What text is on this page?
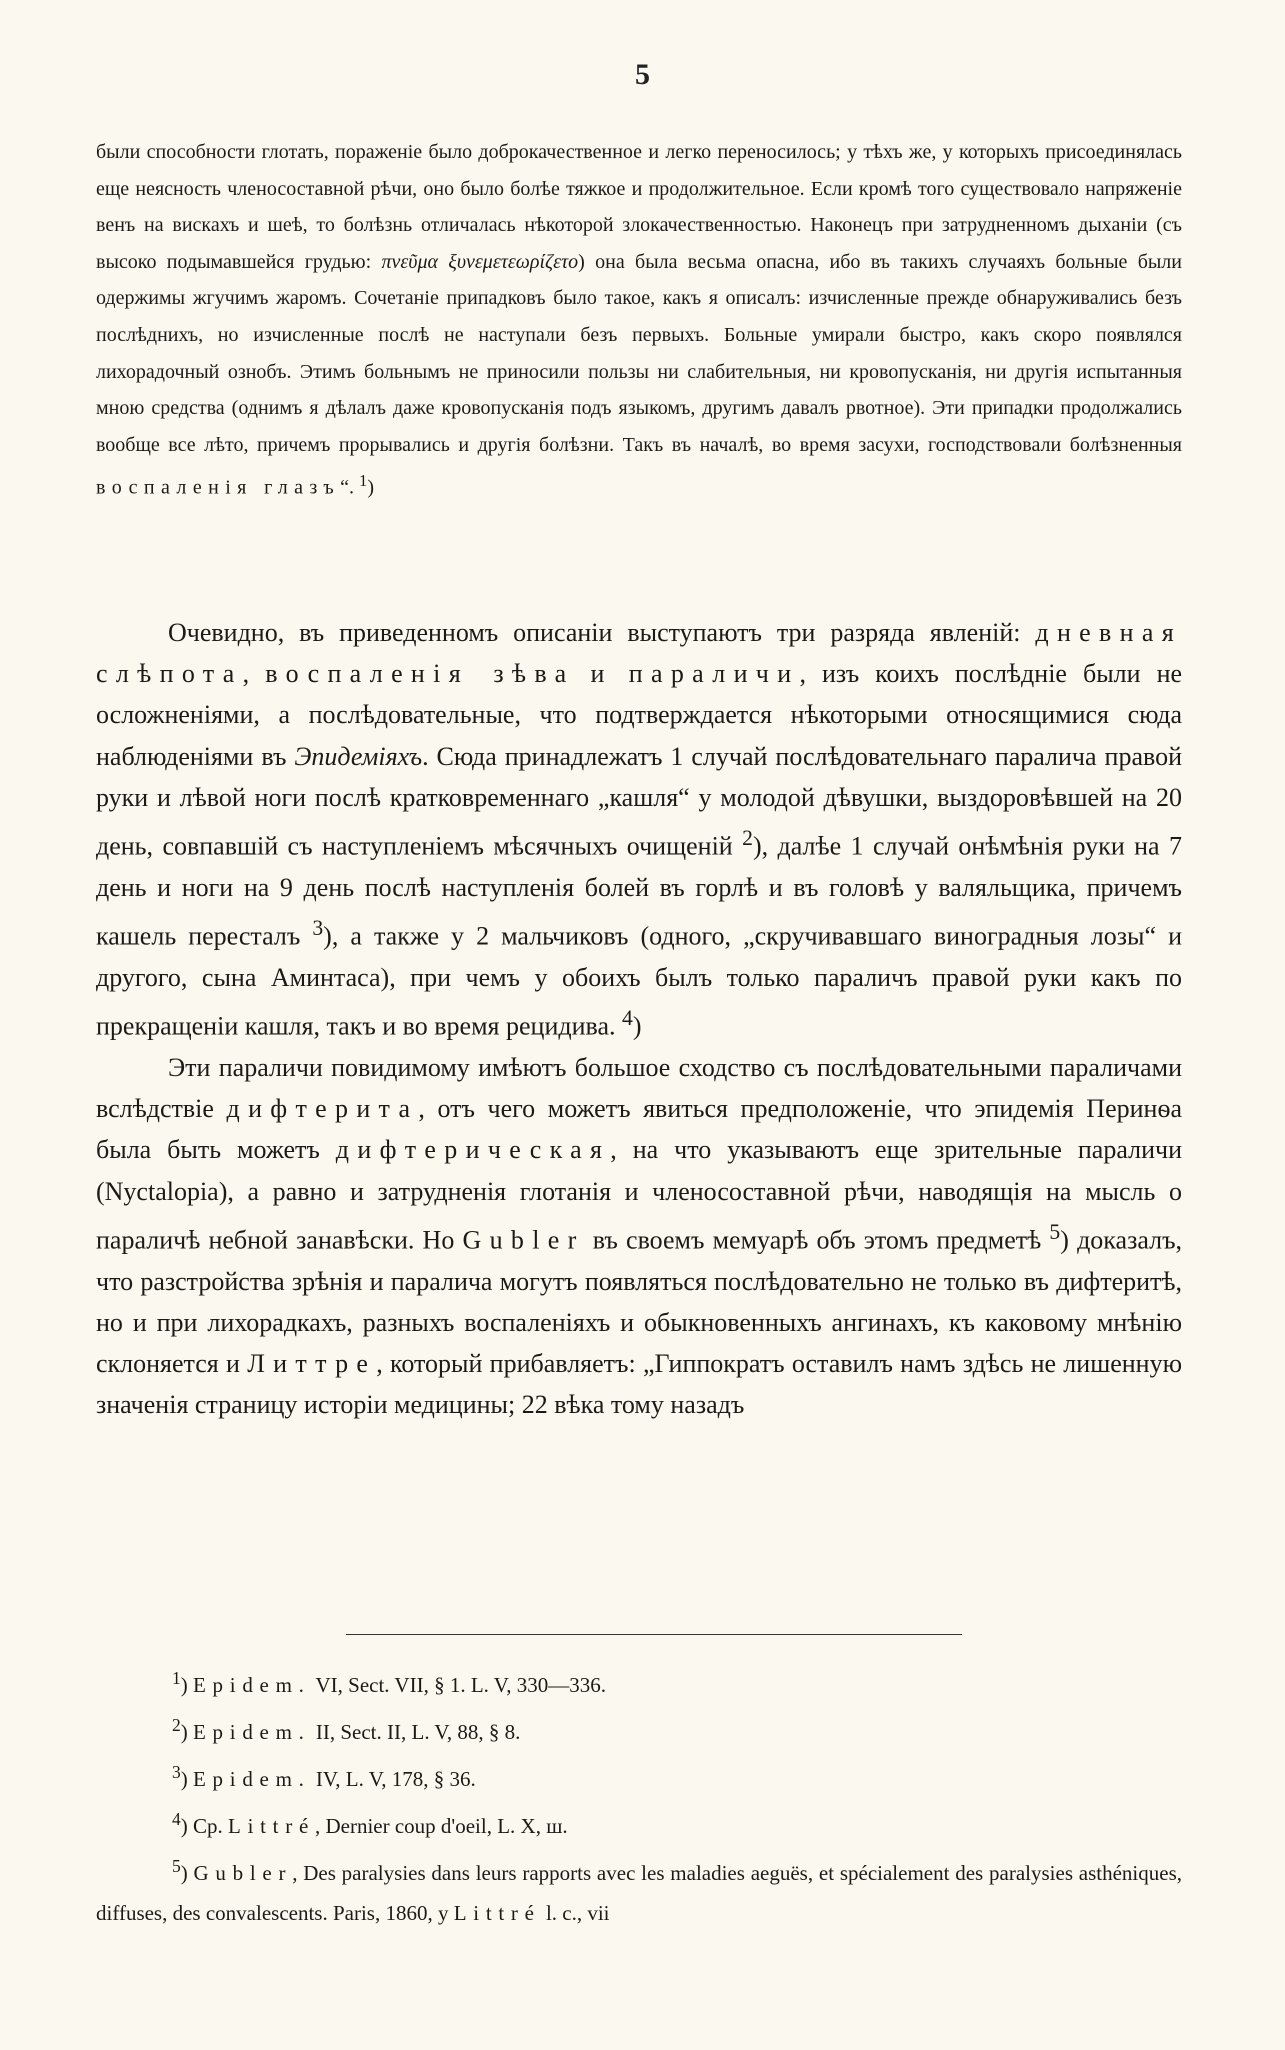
5
были способности глотать, пораженіе было доброкачественное и легко переносилось; у тѣхъ же, у которыхъ присоединялась еще неясность членосоставной рѣчи, оно было болѣе тяжкое и продолжительное. Если кромѣ того существовало напряженіе венъ на вискахъ и шеѣ, то болѣзнь отличалась нѣкоторой злокачественностью. Наконецъ при затрудненномъ дыханіи (съ высоко подымавшейся грудью: πνεῦμα ξυνεμετεωρίζετο) она была весьма опасна, ибо въ такихъ случаяхъ больные были одержимы жгучимъ жаромъ. Сочетаніе припадковъ было такое, какъ я описалъ: изчисленные прежде обнаруживались безъ послѣднихъ, но изчисленные послѣ не наступали безъ первыхъ. Больные умирали быстро, какъ скоро появлялся лихорадочный ознобъ. Этимъ больнымъ не приносили пользы ни слабительныя, ни кровопусканія, ни другія испытанныя мною средства (однимъ я дѣлалъ даже кровопусканія подъ языкомъ, другимъ давалъ рвотное). Эти припадки продолжались вообще все лѣто, причемъ прорывались и другія болѣзни. Такъ въ началѣ, во время засухи, господствовали болѣзненныя воспаленія глазъ“. $^1$)

Очевидно, въ приведенномъ описаніи выступаютъ три разряда явленій: дневная слѣпота, воспаленія зѣва и параличи, изъ коихъ послѣдніе были не осложненіями, а послѣдовательные, что подтверждается нѣкоторыми относящимися сюда наблюденіями въ Эпидеміяхъ. Сюда принадлежатъ 1 случай послѣдовательнаго паралича правой руки и лѣвой ноги послѣ кратковременнаго „кашля“ у молодой дѣвушки, выздоровѣвшей на 20 день, совпавшій съ наступленіемъ мѣсячныхъ очищеній $^2$), далѣе 1 случай онѣмѣнія руки на 7 день и ноги на 9 день послѣ наступленія болей въ горлѣ и въ головѣ у валяльщика, причемъ кашель пересталъ $^3$), а также у 2 мальчиковъ (одного, „скручивавшаго виноградныя лозы“ и другого, сына Аминтаса), при чемъ у обоихъ былъ только параличъ правой руки какъ по прекращеніи кашля, такъ и во время рецидива. $^4$)

Эти параличи повидимому имѣютъ большое сходство съ послѣдовательными параличами вслѣдствіе дифтерита, отъ чего можетъ явиться предположеніе, что эпидемія Перинѳа была быть можетъ дифтерическая, на что указываютъ еще зрительные параличи (Nyctalopia), а равно и затрудненія глотанія и членосоставной рѣчи, наводящія на мысль о параличѣ небной занавѣски. Но Gubler въ своемъ мемуарѣ объ этомъ предметѣ $^5$) доказалъ, что разстройства зрѣнія и паралича могутъ появляться послѣдовательно не только въ дифтеритѣ, но и при лихорадкахъ, разныхъ воспаленіяхъ и обыкновенныхъ ангинахъ, къ каковому мнѣнію склоняется и Литтре, который прибавляетъ: „Гиппократъ оставилъ намъ здѣсь не лишенную значенія страницу исторіи медицины; 22 вѣка тому назадъ

$^1$) Epidem. VI, Sect. VII, § 1. L. V, 330—336.
$^2$) Epidem. II, Sect. II, L. V, 88, § 8.
$^3$) Epidem. IV, L. V, 178, § 36.
$^4$) Cp. Littré, Dernier coup d'oeil, L. X, ш.
$^5$) Gubler, Des paralysies dans leurs rapports avec les maladies aeguës, et spécialement des paralysies asthéniques, diffuses, des convalescents. Paris, 1860, y Littré l. c., vii
